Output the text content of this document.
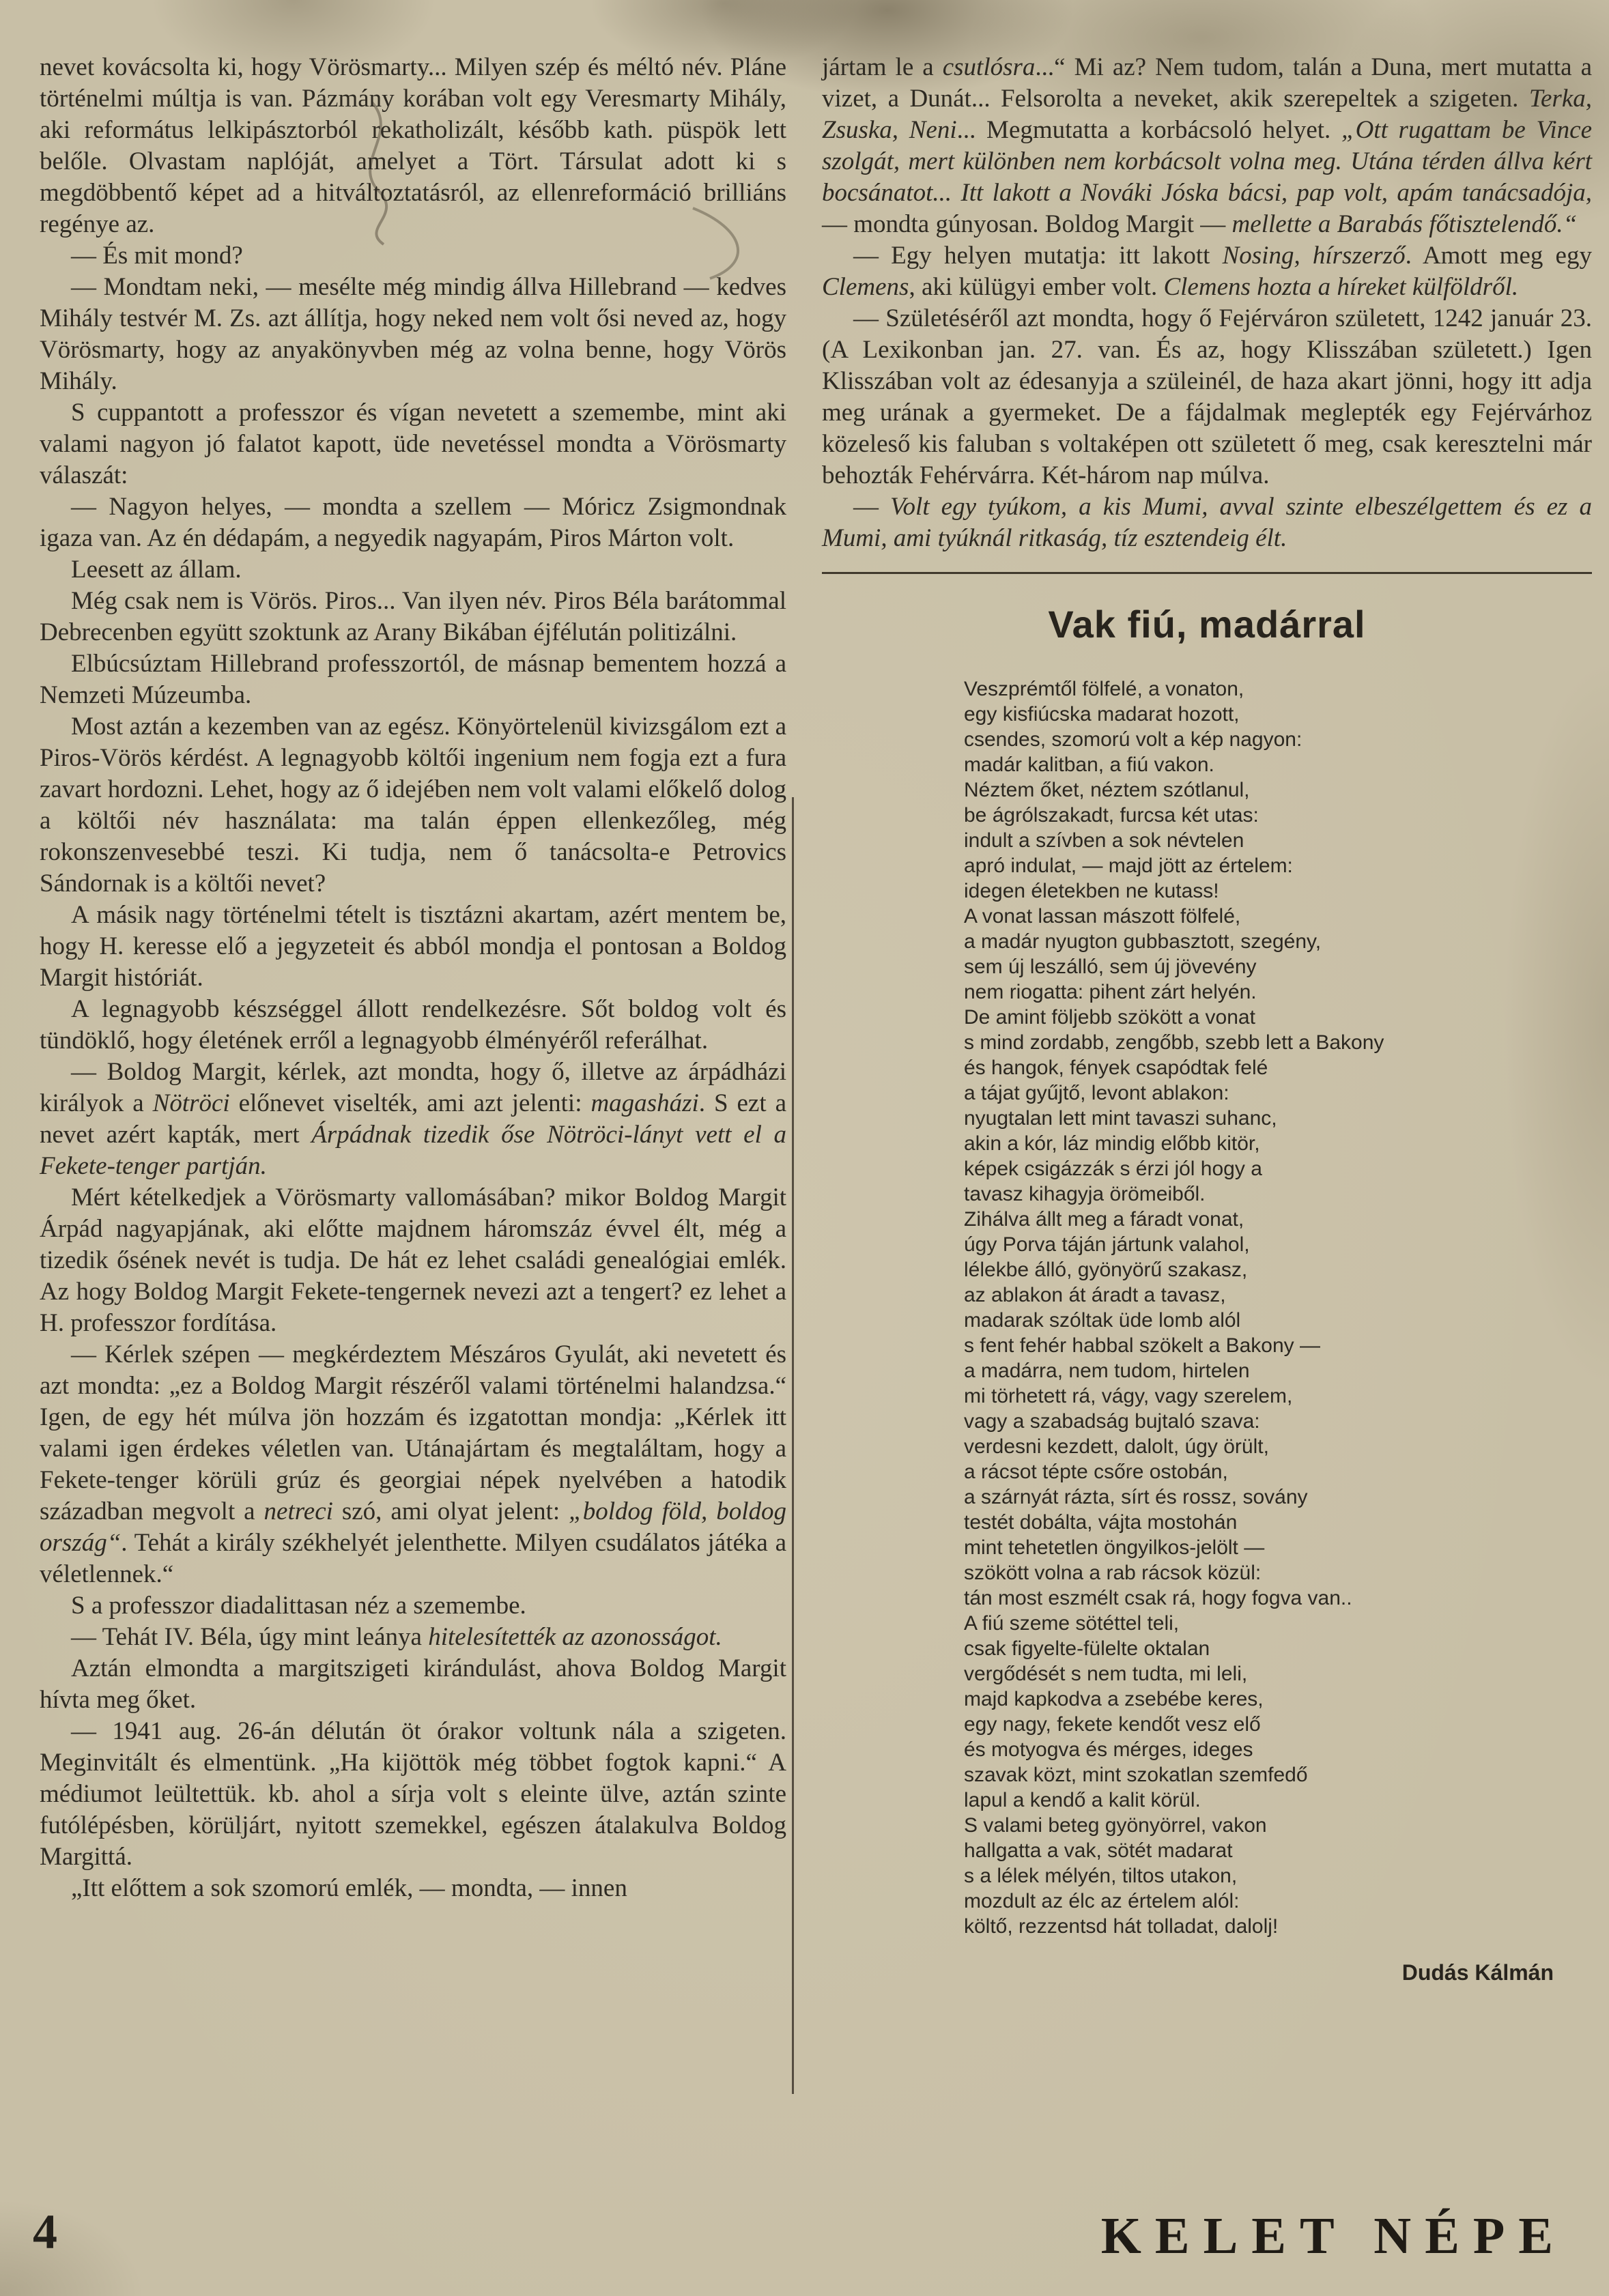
nevet kovácsolta ki, hogy Vörösmarty... Milyen szép és méltó név. Pláne történelmi múltja is van. Pázmány korában volt egy Veresmarty Mihály, aki református lelkipásztorból rekatholizált, később kath. püspök lett belőle. Olvastam naplóját, amelyet a Tört. Társulat adott ki s megdöbbentő képet ad a hitváltoztatásról, az ellenreformáció brilliáns regénye az.

— És mit mond?

— Mondtam neki, — mesélte még mindig állva Hillebrand — kedves Mihály testvér M. Zs. azt állítja, hogy neked nem volt ősi neved az, hogy Vörösmarty, hogy az anyakönyvben még az volna benne, hogy Vörös Mihály.

S cuppantott a professzor és vígan nevetett a szemembe, mint aki valami nagyon jó falatot kapott, üde nevetéssel mondta a Vörösmarty válaszát:

— Nagyon helyes, — mondta a szellem — Móricz Zsigmondnak igaza van. Az én dédapám, a negyedik nagyapám, Piros Márton volt.

Leesett az állam.

Még csak nem is Vörös. Piros... Van ilyen név. Piros Béla barátommal Debrecenben együtt szoktunk az Arany Bikában éjfélután politizálni.

Elbúcsúztam Hillebrand professzortól, de másnap bementem hozzá a Nemzeti Múzeumba.

Most aztán a kezemben van az egész. Könyörtelenül kivizsgálom ezt a Piros-Vörös kérdést. A legnagyobb költői ingenium nem fogja ezt a fura zavart hordozni. Lehet, hogy az ő idejében nem volt valami előkelő dolog a költői név használata: ma talán éppen ellenkezőleg, még rokonszenvesebbé teszi. Ki tudja, nem ő tanácsolta-e Petrovics Sándornak is a költői nevet?

A másik nagy történelmi tételt is tisztázni akartam, azért mentem be, hogy H. keresse elő a jegyzeteit és abból mondja el pontosan a Boldog Margit históriát.

A legnagyobb készséggel állott rendelkezésre. Sőt boldog volt és tündöklő, hogy életének erről a legnagyobb élményéről referálhat.

— Boldog Margit, kérlek, azt mondta, hogy ő, illetve az árpádházi királyok a Nötröci előnevet viselték, ami azt jelenti: magasházi. S ezt a nevet azért kapták, mert Árpádnak tizedik őse Nötröci-lányt vett el a Fekete-tenger partján.

Mért kételkedjek a Vörösmarty vallomásában? mikor Boldog Margit Árpád nagyapjának, aki előtte majdnem háromszáz évvel élt, még a tizedik ősének nevét is tudja. De hát ez lehet családi genealógiai emlék. Az hogy Boldog Margit Fekete-tengernek nevezi azt a tengert? ez lehet a H. professzor fordítása.

— Kérlek szépen — megkérdeztem Mészáros Gyulát, aki nevetett és azt mondta: „ez a Boldog Margit részéről valami történelmi halandzsa.“ Igen, de egy hét múlva jön hozzám és izgatottan mondja: „Kérlek itt valami igen érdekes véletlen van. Utánajártam és megtaláltam, hogy a Fekete-tenger körüli grúz és georgiai népek nyelvében a hatodik században megvolt a netreci szó, ami olyat jelent: „boldog föld, boldog ország“. Tehát a király székhelyét jelenthette. Milyen csudálatos játéka a véletlennek.“

S a professzor diadalittasan néz a szemembe.

— Tehát IV. Béla, úgy mint leánya hitelesítették az azonosságot.

Aztán elmondta a margitszigeti kirándulást, ahova Boldog Margit hívta meg őket.

— 1941 aug. 26-án délután öt órakor voltunk nála a szigeten. Meginvitált és elmentünk. „Ha kijöttök még többet fogtok kapni.“ A médiumot leültettük. kb. ahol a sírja volt s eleinte ülve, aztán szinte futólépésben, körüljárt, nyitott szemekkel, egészen átalakulva Boldog Margittá.

„Itt előttem a sok szomorú emlék, — mondta, — innen

jártam le a csutlósra...“ Mi az? Nem tudom, talán a Duna, mert mutatta a vizet, a Dunát... Felsorolta a neveket, akik szerepeltek a szigeten. Terka, Zsuska, Neni... Megmutatta a korbácsoló helyet. „Ott rugattam be Vince szolgát, mert különben nem korbácsolt volna meg. Utána térden állva kért bocsánatot... Itt lakott a Nováki Jóska bácsi, pap volt, apám tanácsadója, — mondta gúnyosan. Boldog Margit — mellette a Barabás főtisztelendő.“

— Egy helyen mutatja: itt lakott Nosing, hírszerző. Amott meg egy Clemens, aki külügyi ember volt. Clemens hozta a híreket külföldről.

— Születéséről azt mondta, hogy ő Fejérváron született, 1242 január 23. (A Lexikonban jan. 27. van. És az, hogy Klisszában született.) Igen Klisszában volt az édesanyja a szüleinél, de haza akart jönni, hogy itt adja meg urának a gyermeket. De a fájdalmak meglepték egy Fejérvárhoz közeleső kis faluban s voltaképen ott született ő meg, csak keresztelni már behozták Fehérvárra. Két-három nap múlva.

— Volt egy tyúkom, a kis Mumi, avval szinte elbeszélgettem és ez a Mumi, ami tyúknál ritkaság, tíz esztendeig élt.

Vak fiú, madárral
Veszprémtől fölfelé, a vonaton,
egy kisfiúcska madarat hozott,
csendes, szomorú volt a kép nagyon:
madár kalitban, a fiú vakon.
Néztem őket, néztem szótlanul,
be ágrólszakadt, furcsa két utas:
indult a szívben a sok névtelen
apró indulat, — majd jött az értelem:
idegen életekben ne kutass!
A vonat lassan mászott fölfelé,
a madár nyugton gubbasztott, szegény,
sem új leszálló, sem új jövevény
nem riogatta: pihent zárt helyén.
De amint följebb szökött a vonat
s mind zordabb, zengőbb, szebb lett a Bakony
és hangok, fények csapódtak felé
a tájat gyűjtő, levont ablakon:
nyugtalan lett mint tavaszi suhanc,
akin a kór, láz mindig előbb kitör,
képek csigázzák s érzi jól hogy a
tavasz kihagyja örömeiből.
Zihálva állt meg a fáradt vonat,
úgy Porva táján jártunk valahol,
lélekbe álló, gyönyörű szakasz,
az ablakon át áradt a tavasz,
madarak szóltak üde lomb alól
s fent fehér habbal szökelt a Bakony —
a madárra, nem tudom, hirtelen
mi törhetett rá, vágy, vagy szerelem,
vagy a szabadság bujtaló szava:
verdesni kezdett, dalolt, úgy örült,
a rácsot tépte csőre ostobán,
a szárnyát rázta, sírt és rossz, sovány
testét dobálta, vájta mostohán
mint tehetetlen öngyilkos-jelölt —
szökött volna a rab rácsok közül:
tán most eszmélt csak rá, hogy fogva van..
A fiú szeme sötéttel teli,
csak figyelte-fülelte oktalan
vergődését s nem tudta, mi leli,
majd kapkodva a zsebébe keres,
egy nagy, fekete kendőt vesz elő
és motyogva és mérges, ideges
szavak közt, mint szokatlan szemfedő
lapul a kendő a kalit körül.
S valami beteg gyönyörrel, vakon
hallgatta a vak, sötét madarat
s a lélek mélyén, tiltos utakon,
mozdult az élc az értelem alól:
költő, rezzentsd hát tolladat, dalolj!
Dudás Kálmán
4	KELET NÉPE
